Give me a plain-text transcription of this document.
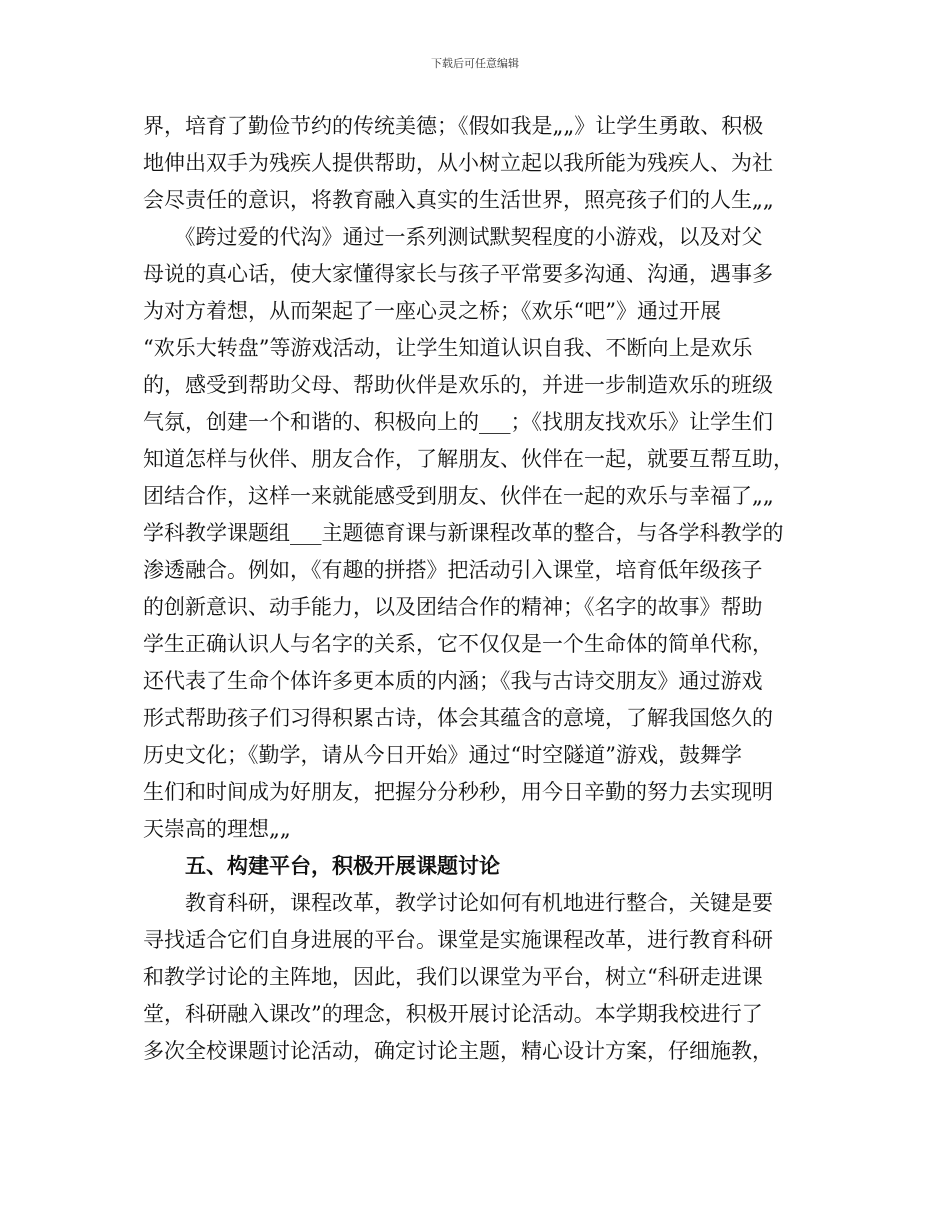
下载后可任意编辑
界，培育了勤俭节约的传统美德；《假如我是„„》让学生勇敢、积极
地伸出双手为残疾人提供帮助，从小树立起以我所能为残疾人、为社
会尽责任的意识，将教育融入真实的生活世界，照亮孩子们的人生„„
　　《跨过爱的代沟》通过一系列测试默契程度的小游戏，以及对父
母说的真心话，使大家懂得家长与孩子平常要多沟通、沟通，遇事多
为对方着想，从而架起了一座心灵之桥；《欢乐“吧”》通过开展
“欢乐大转盘”等游戏活动，让学生知道认识自我、不断向上是欢乐
的，感受到帮助父母、帮助伙伴是欢乐的，并进一步制造欢乐的班级
气氛，创建一个和谐的、积极向上的___；《找朋友找欢乐》让学生们
知道怎样与伙伴、朋友合作，了解朋友、伙伴在一起，就要互帮互助，
团结合作，这样一来就能感受到朋友、伙伴在一起的欢乐与幸福了„„
学科教学课题组___主题德育课与新课程改革的整合，与各学科教学的
渗透融合。例如，《有趣的拼搭》把活动引入课堂，培育低年级孩子
的创新意识、动手能力，以及团结合作的精神；《名字的故事》帮助
学生正确认识人与名字的关系，它不仅仅是一个生命体的简单代称，
还代表了生命个体许多更本质的内涵；《我与古诗交朋友》通过游戏
形式帮助孩子们习得积累古诗，体会其蕴含的意境，了解我国悠久的
历史文化；《勤学，请从今日开始》通过“时空隧道”游戏，鼓舞学
生们和时间成为好朋友，把握分分秒秒，用今日辛勤的努力去实现明
天崇高的理想„„
　　五、构建平台，积极开展课题讨论
　　教育科研，课程改革，教学讨论如何有机地进行整合，关键是要
寻找适合它们自身进展的平台。课堂是实施课程改革，进行教育科研
和教学讨论的主阵地，因此，我们以课堂为平台，树立“科研走进课
堂，科研融入课改”的理念，积极开展讨论活动。本学期我校进行了
多次全校课题讨论活动，确定讨论主题，精心设计方案，仔细施教，
